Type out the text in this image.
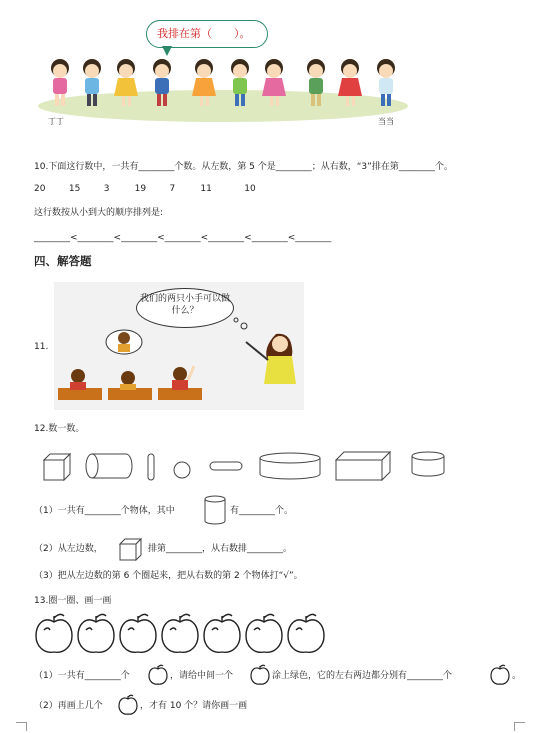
我排在第（　　）。
丁丁	当当
10.下面这行数中，一共有________个数。从左数，第 5 个是________；从右数，“3”排在第________个。
20	15	3	19	7	11	10
这行数按从小到大的顺序排列是:
________<________<________<________<________<________<________
四、解答题
11.
我们的两只小手可以做什么？
12.数一数。
（1）一共有________个物体，其中	有________个。
（2）从左边数，	排第________，从右数排________。
（3）把从左边数的第 6 个圈起来，把从右数的第 2 个物体打“√”。
13.圈一圈、画一画
（1）一共有________个	，请给中间一个	涂上绿色，它的左右两边都分别有________个	。
（2）再画上几个	，才有 10 个？请你画一画
